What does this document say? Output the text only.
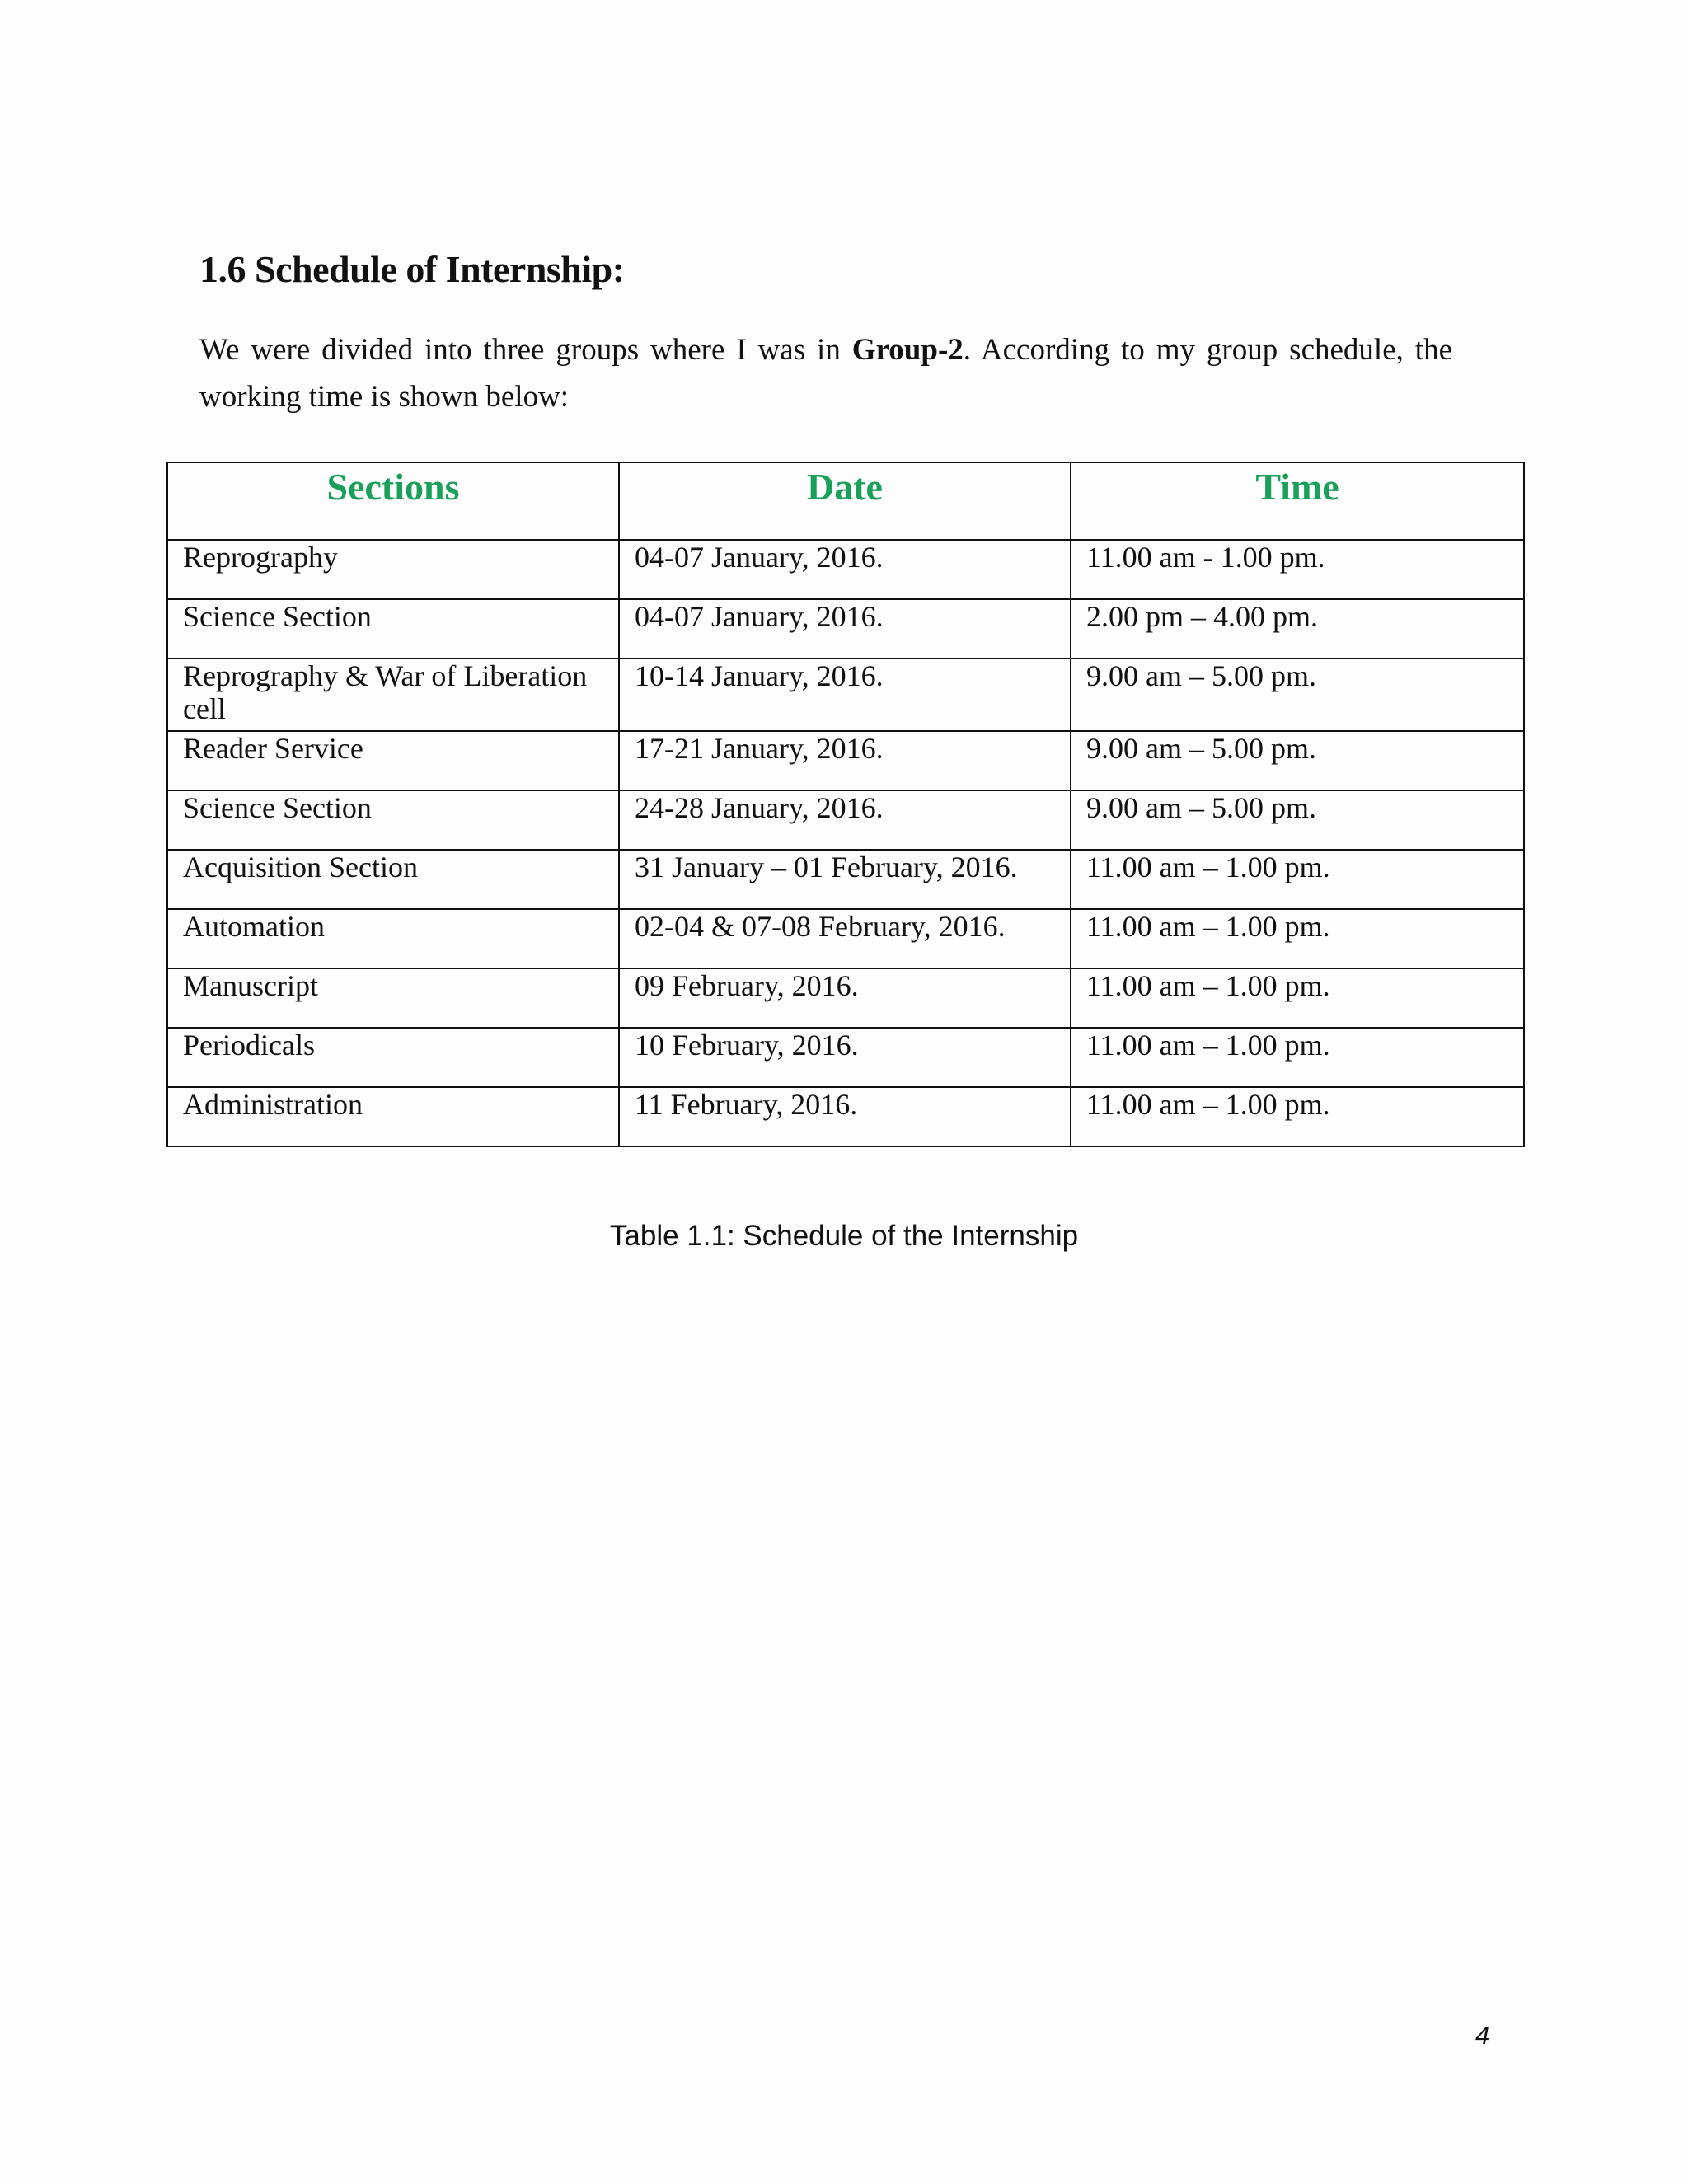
1.6 Schedule of Internship:

We were divided into three groups where I was in Group-2. According to my group schedule, the working time is shown below:

Sections	Date	Time
Reprography	04-07 January, 2016.	11.00 am - 1.00 pm.
Science Section	04-07 January, 2016.	2.00 pm – 4.00 pm.
Reprography & War of Liberation cell	10-14 January, 2016.	9.00 am – 5.00 pm.
Reader Service	17-21 January, 2016.	9.00 am – 5.00 pm.
Science Section	24-28 January, 2016.	9.00 am – 5.00 pm.
Acquisition Section	31 January – 01 February, 2016.	11.00 am – 1.00 pm.
Automation	02-04 & 07-08 February, 2016.	11.00 am – 1.00 pm.
Manuscript	09 February, 2016.	11.00 am – 1.00 pm.
Periodicals	10 February, 2016.	11.00 am – 1.00 pm.
Administration	11 February, 2016.	11.00 am – 1.00 pm.

Table 1.1: Schedule of the Internship

4
